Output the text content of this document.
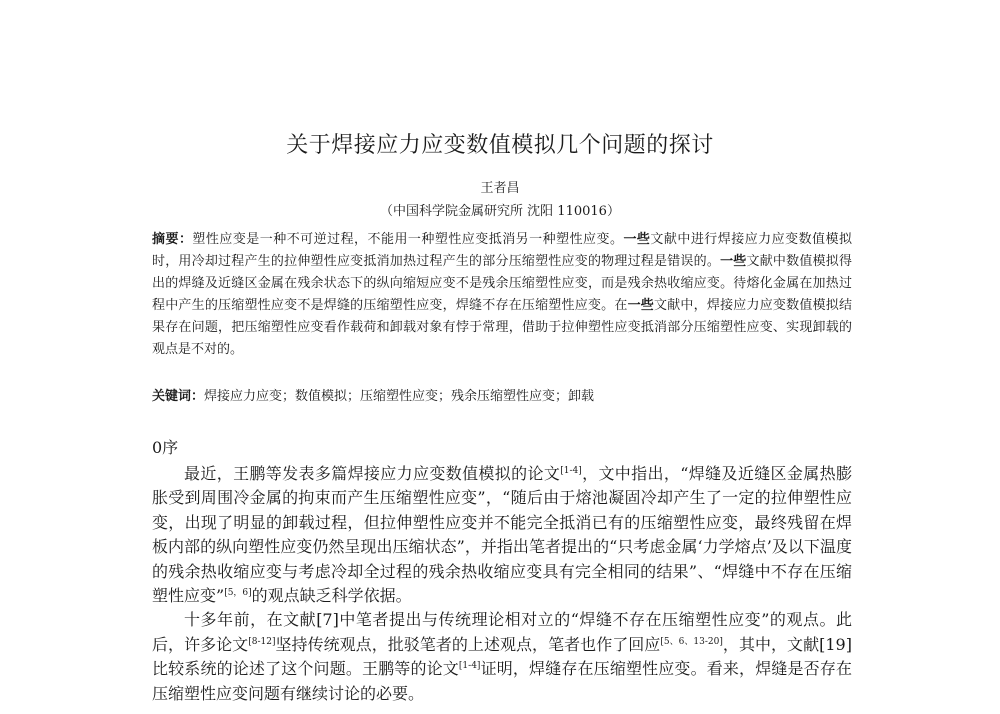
关于焊接应力应变数值模拟几个问题的探讨
王者昌
（中国科学院金属研究所 沈阳 110016）
摘要：塑性应变是一种不可逆过程，不能用一种塑性应变抵消另一种塑性应变。一些文献中进行焊接应力应变数值模拟时，用冷却过程产生的拉伸塑性应变抵消加热过程产生的部分压缩塑性应变的物理过程是错误的。一些文献中数值模拟得出的焊缝及近缝区金属在残余状态下的纵向缩短应变不是残余压缩塑性应变，而是残余热收缩应变。待熔化金属在加热过程中产生的压缩塑性应变不是焊缝的压缩塑性应变，焊缝不存在压缩塑性应变。在一些文献中，焊接应力应变数值模拟结果存在问题，把压缩塑性应变看作载荷和卸载对象有悖于常理，借助于拉伸塑性应变抵消部分压缩塑性应变、实现卸载的观点是不对的。
关键词：焊接应力应变；数值模拟；压缩塑性应变；残余压缩塑性应变；卸载
0序

最近，王鹏等发表多篇焊接应力应变数值模拟的论文[1-4]，文中指出，“焊缝及近缝区金属热膨胀受到周围冷金属的拘束而产生压缩塑性应变”，“随后由于熔池凝固冷却产生了一定的拉伸塑性应变，出现了明显的卸载过程，但拉伸塑性应变并不能完全抵消已有的压缩塑性应变，最终残留在焊板内部的纵向塑性应变仍然呈现出压缩状态”，并指出笔者提出的“只考虑金属‘力学熔点’及以下温度的残余热收缩应变与考虑冷却全过程的残余热收缩应变具有完全相同的结果”、“焊缝中不存在压缩塑性应变”[5，6]的观点缺乏科学依据。

十多年前，在文献[7]中笔者提出与传统理论相对立的“焊缝不存在压缩塑性应变”的观点。此后，许多论文[8-12]坚持传统观点，批驳笔者的上述观点，笔者也作了回应[5、6、13-20]，其中，文献[19]比较系统的论述了这个问题。王鹏等的论文[1-4]证明，焊缝存在压缩塑性应变。看来，焊缝是否存在压缩塑性应变问题有继续讨论的必要。
